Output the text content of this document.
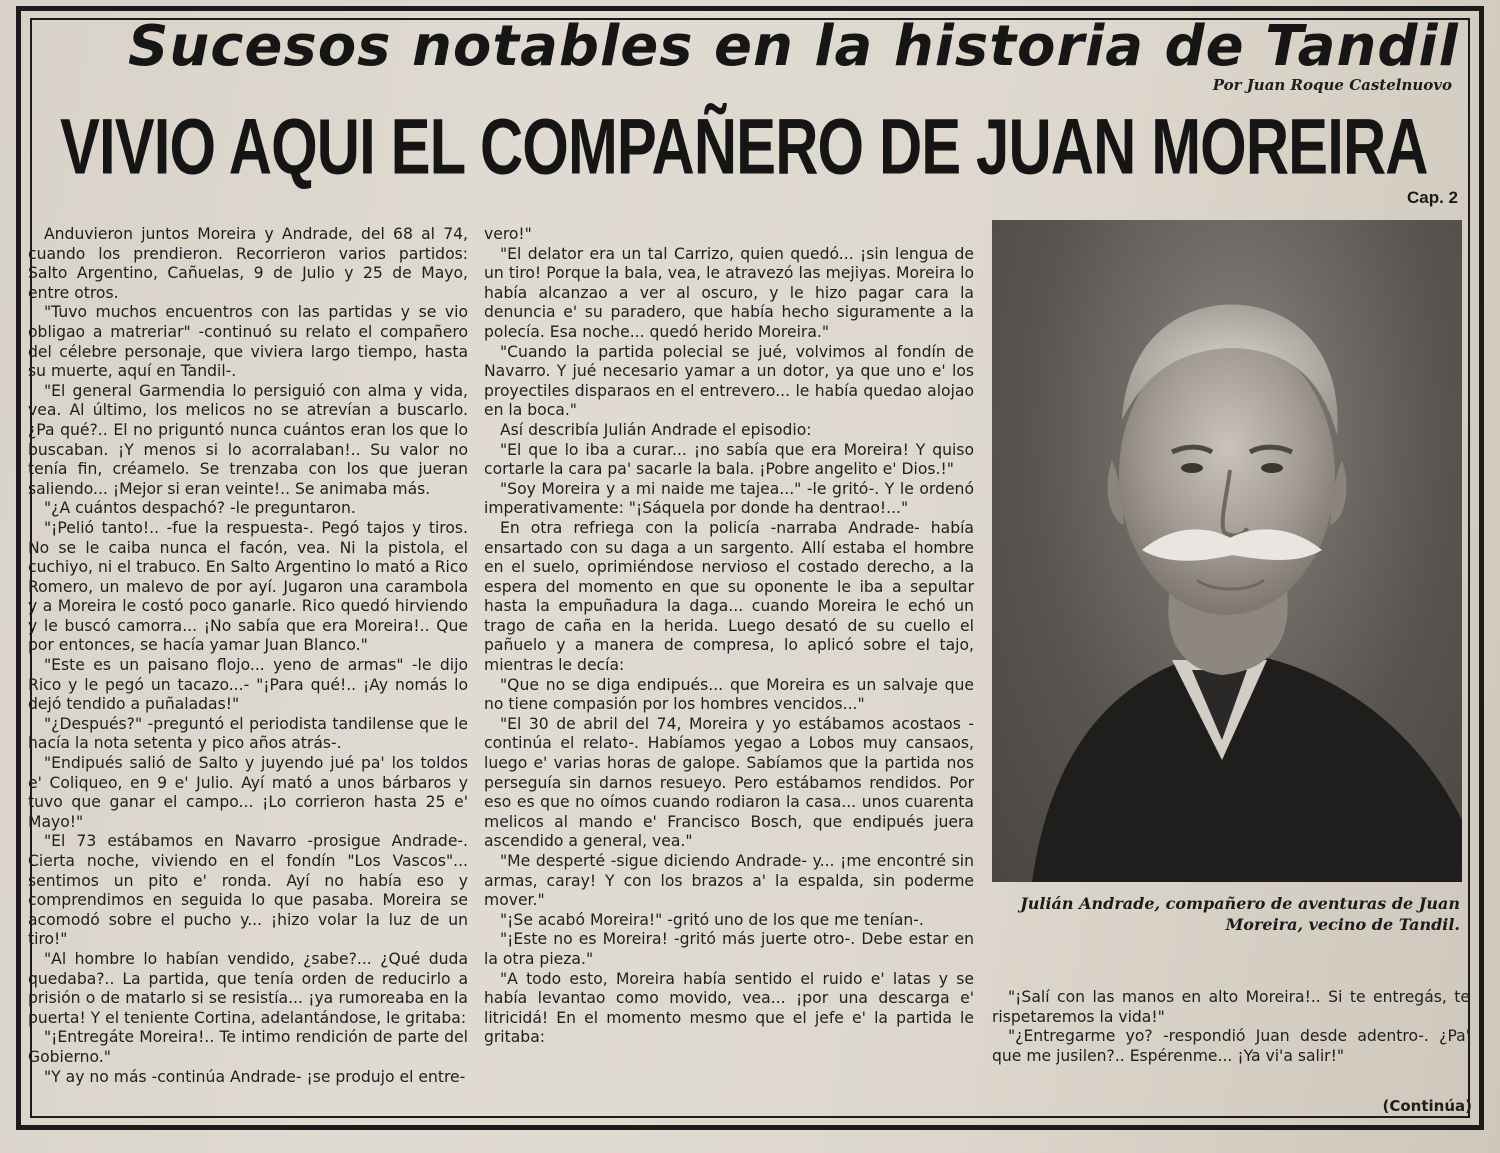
Sucesos notables en la historia de Tandil
Por Juan Roque Castelnuovo
VIVIO AQUI EL COMPAÑERO DE JUAN MOREIRA
Cap. 2

Anduvieron juntos Moreira y Andrade, del 68 al 74, cuando los prendieron. Recorrieron varios partidos: Salto Argentino, Cañuelas, 9 de Julio y 25 de Mayo, entre otros.

"Tuvo muchos encuentros con las partidas y se vio obligao a matreriar" -continuó su relato el compañero del célebre personaje, que viviera largo tiempo, hasta su muerte, aquí en Tandil-.

"El general Garmendia lo persiguió con alma y vida, vea. Al último, los melicos no se atrevían a buscarlo. ¿Pa qué?.. El no priguntó nunca cuántos eran los que lo buscaban. ¡Y menos si lo acorralaban!.. Su valor no tenía fin, créamelo. Se trenzaba con los que jueran saliendo... ¡Mejor si eran veinte!.. Se animaba más.

"¿A cuántos despachó? -le preguntaron.

"¡Pelió tanto!.. -fue la respuesta-. Pegó tajos y tiros. No se le caiba nunca el facón, vea. Ni la pistola, el cuchiyo, ni el trabuco. En Salto Argentino lo mató a Rico Romero, un malevo de por ayí. Jugaron una carambola y a Moreira le costó poco ganarle. Rico quedó hirviendo y le buscó camorra... ¡No sabía que era Moreira!.. Que por entonces, se hacía yamar Juan Blanco."

"Este es un paisano flojo... yeno de armas" -le dijo Rico y le pegó un tacazo...- "¡Para qué!.. ¡Ay nomás lo dejó tendido a puñaladas!"

"¿Después?" -preguntó el periodista tandilense que le hacía la nota setenta y pico años atrás-.

"Endipués salió de Salto y juyendo jué pa' los toldos e' Coliqueo, en 9 e' Julio. Ayí mató a unos bárbaros y tuvo que ganar el campo... ¡Lo corrieron hasta 25 e' Mayo!"

"El 73 estábamos en Navarro -prosigue Andrade-. Cierta noche, viviendo en el fondín "Los Vascos"... sentimos un pito e' ronda. Ayí no había eso y comprendimos en seguida lo que pasaba. Moreira se acomodó sobre el pucho y... ¡hizo volar la luz de un tiro!"

"Al hombre lo habían vendido, ¿sabe?... ¿Qué duda quedaba?.. La partida, que tenía orden de reducirlo a prisión o de matarlo si se resistía... ¡ya rumoreaba en la puerta! Y el teniente Cortina, adelantándose, le gritaba:

"¡Entregáte Moreira!.. Te intimo rendición de parte del Gobierno."

"Y ay no más -continúa Andrade- ¡se produjo el entre-

vero!"

"El delator era un tal Carrizo, quien quedó... ¡sin lengua de un tiro! Porque la bala, vea, le atravezó las mejiyas. Moreira lo había alcanzao a ver al oscuro, y le hizo pagar cara la denuncia e' su paradero, que había hecho siguramente a la polecía. Esa noche... quedó herido Moreira."

"Cuando la partida polecial se jué, volvimos al fondín de Navarro. Y jué necesario yamar a un dotor, ya que uno e' los proyectiles disparaos en el entrevero... le había quedao alojao en la boca."

Así describía Julián Andrade el episodio:

"El que lo iba a curar... ¡no sabía que era Moreira! Y quiso cortarle la cara pa' sacarle la bala. ¡Pobre angelito e' Dios.!"

"Soy Moreira y a mi naide me tajea..." -le gritó-. Y le ordenó imperativamente: "¡Sáquela por donde ha dentrao!..."

En otra refriega con la policía -narraba Andrade- había ensartado con su daga a un sargento. Allí estaba el hombre en el suelo, oprimiéndose nervioso el costado derecho, a la espera del momento en que su oponente le iba a sepultar hasta la empuñadura la daga... cuando Moreira le echó un trago de caña en la herida. Luego desató de su cuello el pañuelo y a manera de compresa, lo aplicó sobre el tajo, mientras le decía:

"Que no se diga endipués... que Moreira es un salvaje que no tiene compasión por los hombres vencidos..."

"El 30 de abril del 74, Moreira y yo estábamos acostaos -continúa el relato-. Habíamos yegao a Lobos muy cansaos, luego e' varias horas de galope. Sabíamos que la partida nos perseguía sin darnos resueyo. Pero estábamos rendidos. Por eso es que no oímos cuando rodiaron la casa... unos cuarenta melicos al mando e' Francisco Bosch, que endipués juera ascendido a general, vea."

"Me desperté -sigue diciendo Andrade- y... ¡me encontré sin armas, caray! Y con los brazos a' la espalda, sin poderme mover."

"¡Se acabó Moreira!" -gritó uno de los que me tenían-.

"¡Este no es Moreira! -gritó más juerte otro-. Debe estar en la otra pieza."

"A todo esto, Moreira había sentido el ruido e' latas y se había levantao como movido, vea... ¡por una descarga e' litricidá! En el momento mesmo que el jefe e' la partida le gritaba:

Julián Andrade, compañero de aventuras de Juan Moreira, vecino de Tandil.

"¡Salí con las manos en alto Moreira!.. Si te entregás, te rispetaremos la vida!"

"¿Entregarme yo? -respondió Juan desde adentro-. ¿Pa' que me jusilen?.. Espérenme... ¡Ya vi'a salir!"

(Continúa)
